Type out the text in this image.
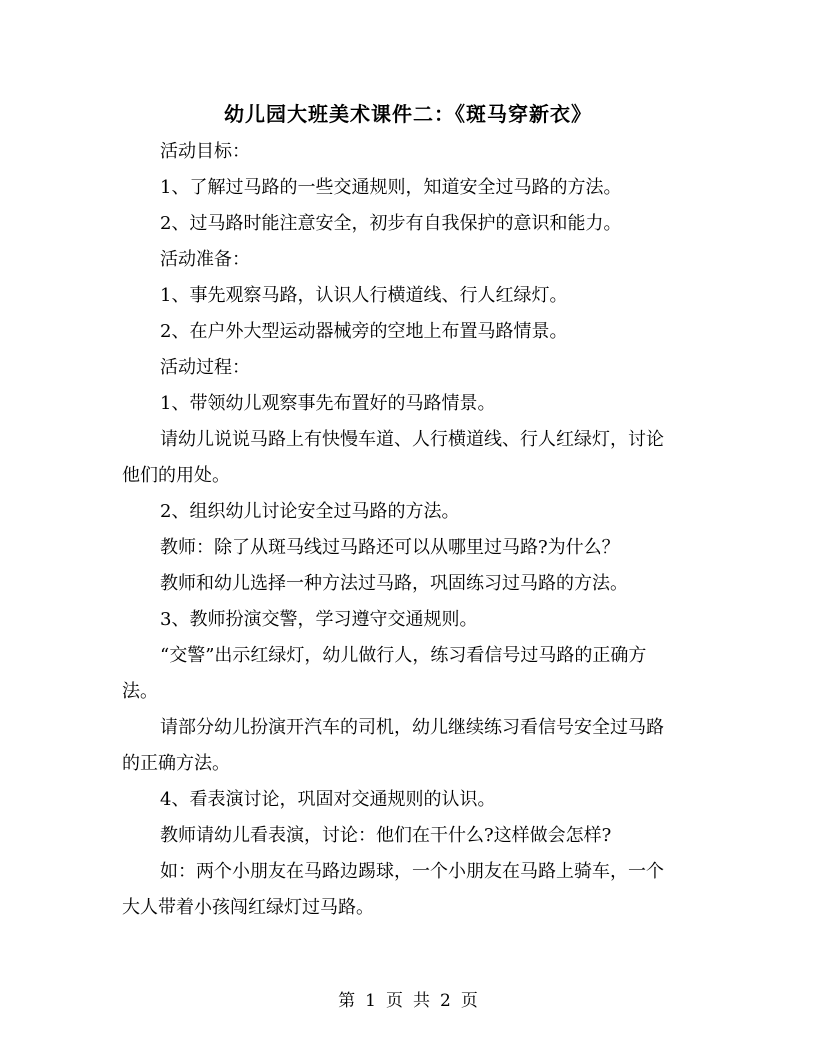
幼儿园大班美术课件二：《斑马穿新衣》
活动目标：
1、了解过马路的一些交通规则，知道安全过马路的方法。
2、过马路时能注意安全，初步有自我保护的意识和能力。
活动准备：
1、事先观察马路，认识人行横道线、行人红绿灯。
2、在户外大型运动器械旁的空地上布置马路情景。
活动过程：
1、带领幼儿观察事先布置好的马路情景。
请幼儿说说马路上有快慢车道、人行横道线、行人红绿灯，讨论
他们的用处。
2、组织幼儿讨论安全过马路的方法。
教师：除了从斑马线过马路还可以从哪里过马路?为什么？
教师和幼儿选择一种方法过马路，巩固练习过马路的方法。
3、教师扮演交警，学习遵守交通规则。
“交警”出示红绿灯，幼儿做行人，练习看信号过马路的正确方
法。
请部分幼儿扮演开汽车的司机，幼儿继续练习看信号安全过马路
的正确方法。
4、看表演讨论，巩固对交通规则的认识。
教师请幼儿看表演，讨论：他们在干什么?这样做会怎样?
如：两个小朋友在马路边踢球，一个小朋友在马路上骑车，一个
大人带着小孩闯红绿灯过马路。
第 1 页 共 2 页
